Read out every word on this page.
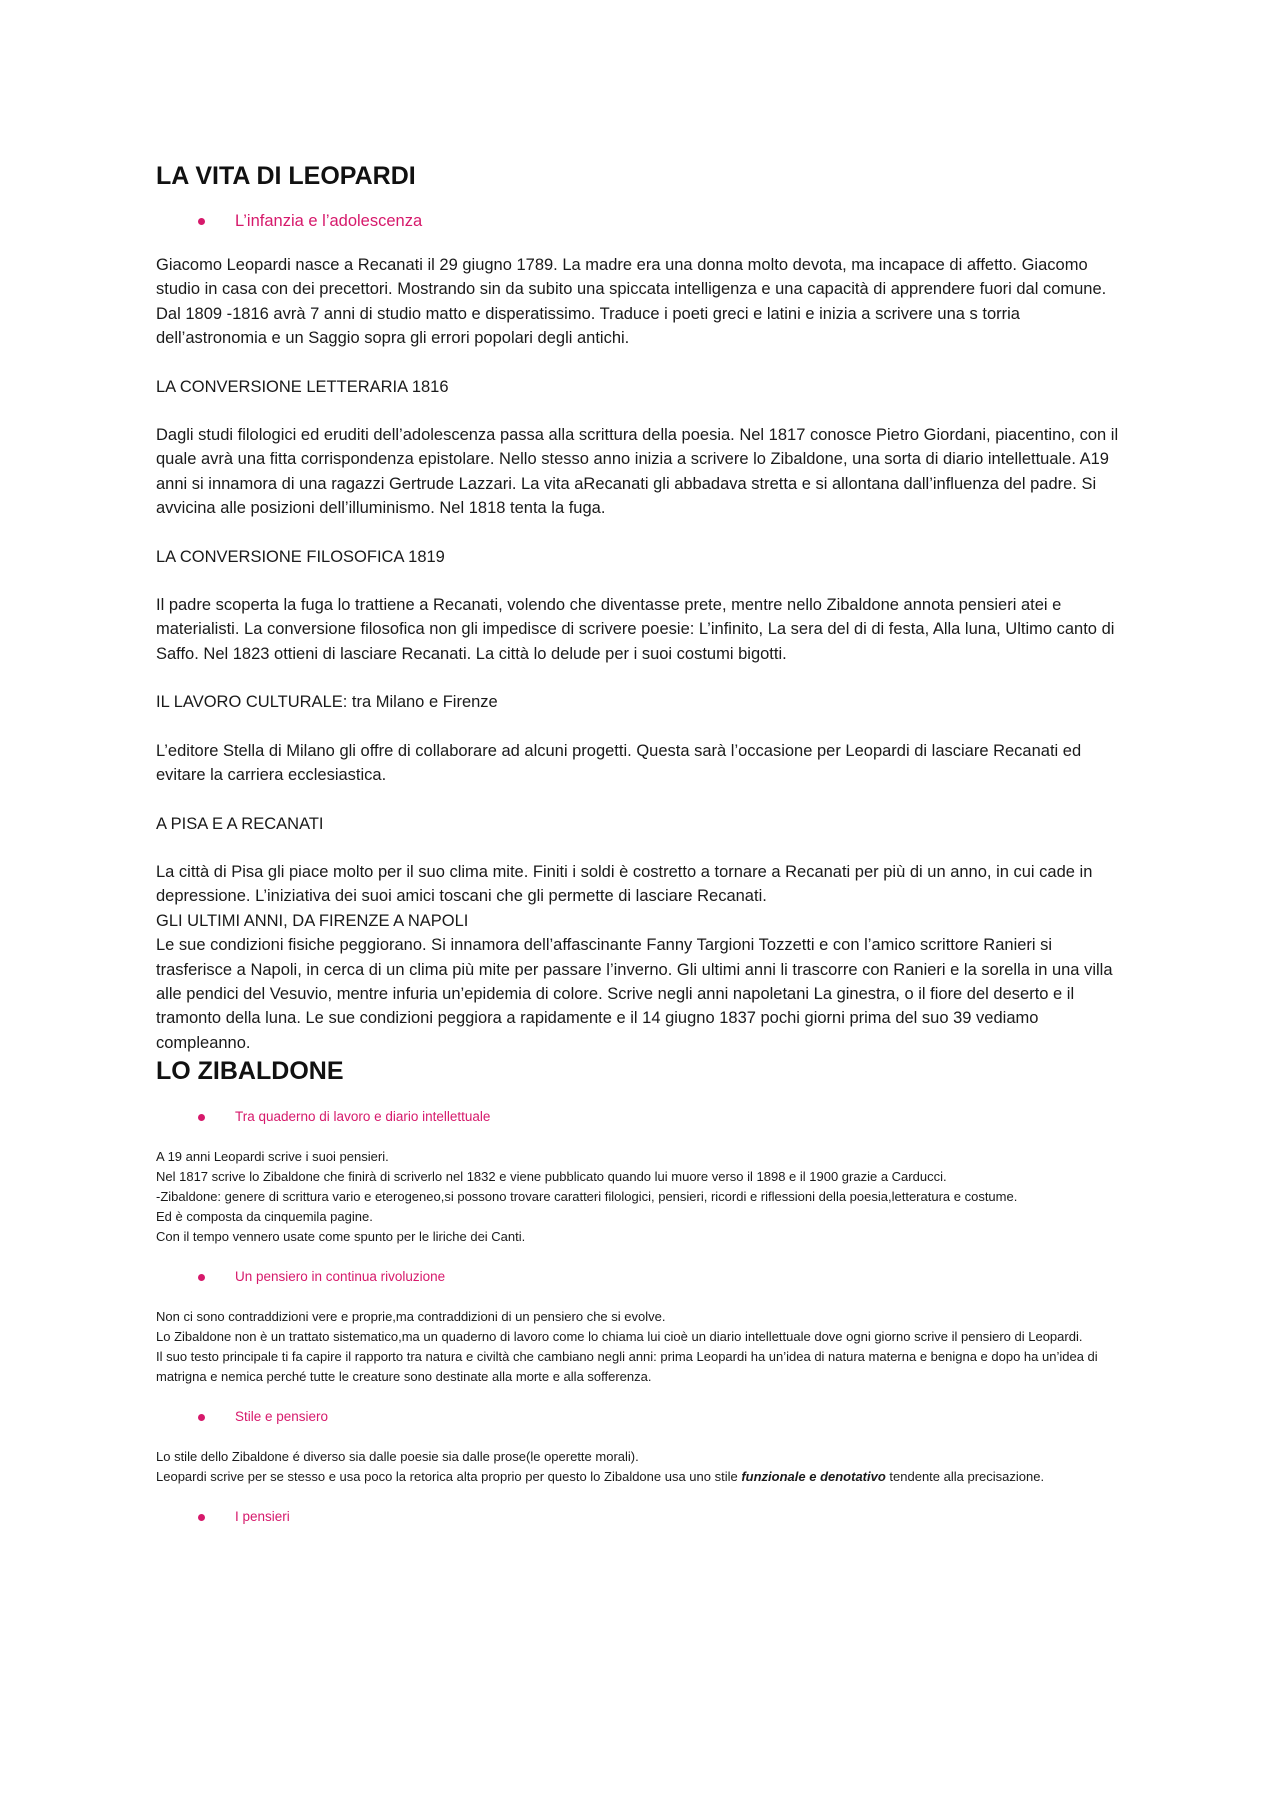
LA VITA DI LEOPARDI
L’infanzia e l’adolescenza

Giacomo Leopardi nasce a Recanati il 29 giugno 1789. La madre era una donna molto devota, ma incapace di affetto. Giacomo studio in casa con dei precettori. Mostrando sin da subito una spiccata intelligenza e una capacità di apprendere fuori dal comune. Dal 1809 -1816 avrà 7 anni di studio matto e disperatissimo. Traduce i poeti greci e latini e inizia a scrivere una s torria dell’astronomia e un Saggio sopra gli errori popolari degli antichi.

LA CONVERSIONE LETTERARIA 1816

Dagli studi filologici ed eruditi dell’adolescenza passa alla scrittura della poesia. Nel 1817 conosce Pietro Giordani, piacentino, con il quale avrà una fitta corrispondenza epistolare. Nello stesso anno inizia a scrivere lo Zibaldone, una sorta di diario intellettuale. A19 anni si innamora di una ragazzi Gertrude Lazzari. La vita aRecanati gli abbadava stretta e si allontana dall’influenza del padre. Si avvicina alle posizioni dell’illuminismo. Nel 1818 tenta la fuga.

LA CONVERSIONE FILOSOFICA 1819

Il padre scoperta la fuga lo trattiene a Recanati, volendo che diventasse prete, mentre nello Zibaldone annota pensieri atei e materialisti. La conversione filosofica non gli impedisce di scrivere poesie: L’infinito, La sera del di di festa, Alla luna, Ultimo canto di Saffo. Nel 1823 ottieni di lasciare Recanati. La città lo delude per i suoi costumi bigotti.

IL LAVORO CULTURALE: tra Milano e Firenze

L’editore Stella di Milano gli offre di collaborare ad alcuni progetti. Questa sarà l’occasione per Leopardi di lasciare Recanati ed evitare la carriera ecclesiastica.

A PISA E A RECANATI

La città di Pisa gli piace molto per il suo clima mite. Finiti i soldi è costretto a tornare a Recanati per più di un anno, in cui cade in depressione. L’iniziativa dei suoi amici toscani che gli permette di lasciare Recanati.

GLI ULTIMI ANNI, DA FIRENZE A NAPOLI

Le sue condizioni fisiche peggiorano. Si innamora dell’affascinante Fanny Targioni Tozzetti e con l’amico scrittore Ranieri si trasferisce a Napoli, in cerca di un clima più mite per passare l’inverno. Gli ultimi anni li trascorre con Ranieri e la sorella in una villa alle pendici del Vesuvio, mentre infuria un’epidemia di colore. Scrive negli anni napoletani La ginestra, o il fiore del deserto e il tramonto della luna. Le sue condizioni peggiora a rapidamente e il 14 giugno 1837 pochi giorni prima del suo 39 vediamo compleanno.

LO ZIBALDONE
Tra quaderno di lavoro e diario intellettuale

A 19 anni Leopardi scrive i suoi pensieri.

Nel 1817 scrive lo Zibaldone che finirà di scriverlo nel 1832 e viene pubblicato quando lui muore verso il 1898 e il 1900 grazie a Carducci.

-Zibaldone: genere di scrittura vario e eterogeneo,si possono trovare caratteri filologici, pensieri, ricordi e riflessioni della poesia,letteratura e costume.

Ed è composta da cinquemila pagine.

Con il tempo vennero usate come spunto per le liriche dei Canti.

Un pensiero in continua rivoluzione

Non ci sono contraddizioni vere e proprie,ma contraddizioni di un pensiero che si evolve.

Lo Zibaldone non è un trattato sistematico,ma un quaderno di lavoro come lo chiama lui cioè un diario intellettuale dove ogni giorno scrive il pensiero di Leopardi.

Il suo testo principale ti fa capire il rapporto tra natura e civiltà che cambiano negli anni: prima Leopardi ha un’idea di natura materna e benigna e dopo ha un’idea di matrigna e nemica perché tutte le creature sono destinate alla morte e alla sofferenza.

Stile e pensiero

Lo stile dello Zibaldone é diverso sia dalle poesie sia dalle prose(le operette morali).

Leopardi scrive per se stesso e usa poco la retorica alta proprio per questo lo Zibaldone usa uno stile funzionale e denotativo tendente alla precisazione.

I pensieri
